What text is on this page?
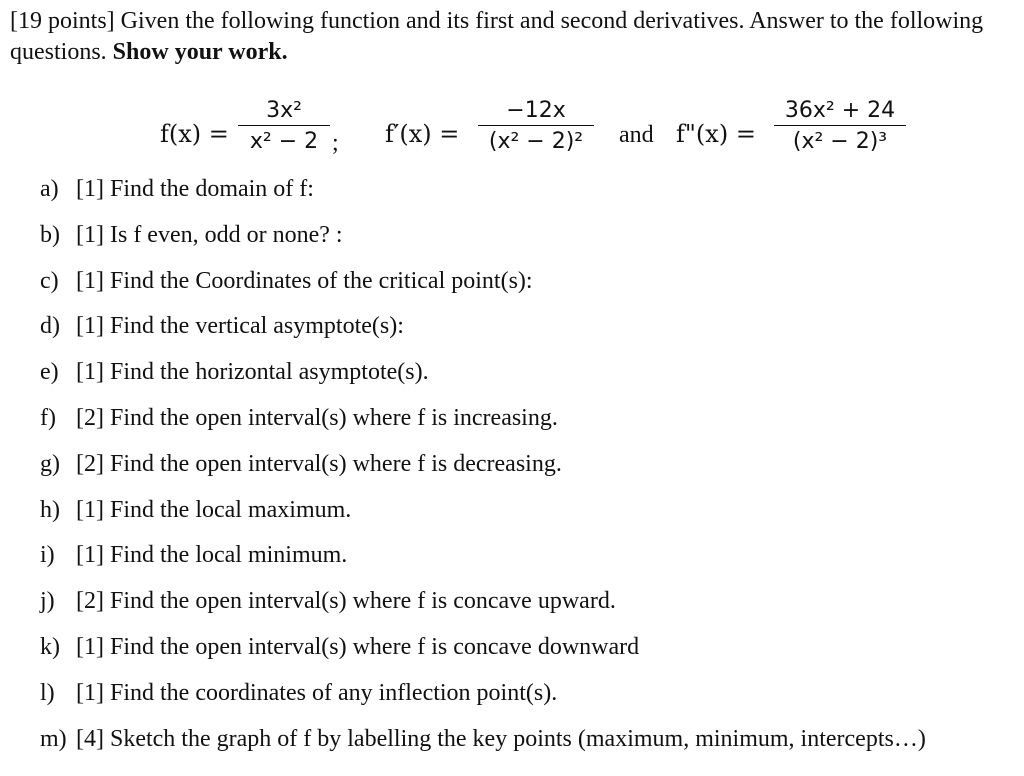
[19 points] Given the following function and its first and second derivatives. Answer to the following questions. Show your work.
f(x) =
3x²
x² − 2 ; f′(x) =
−12x
(x² − 2)²	and f"(x) =
36x² + 24
(x² − 2)³
a) [1] Find the domain of f:
b) [1] Is f even, odd or none? :
c) [1] Find the Coordinates of the critical point(s):
d) [1] Find the vertical asymptote(s):
e) [1] Find the horizontal asymptote(s).
f) [2] Find the open interval(s) where f is increasing.
g) [2] Find the open interval(s) where f is decreasing.
h) [1] Find the local maximum.
i) [1] Find the local minimum.
j) [2] Find the open interval(s) where f is concave upward.
k) [1] Find the open interval(s) where f is concave downward
l) [1] Find the coordinates of any inflection point(s).
m) [4] Sketch the graph of f by labelling the key points (maximum, minimum, intercepts…)
